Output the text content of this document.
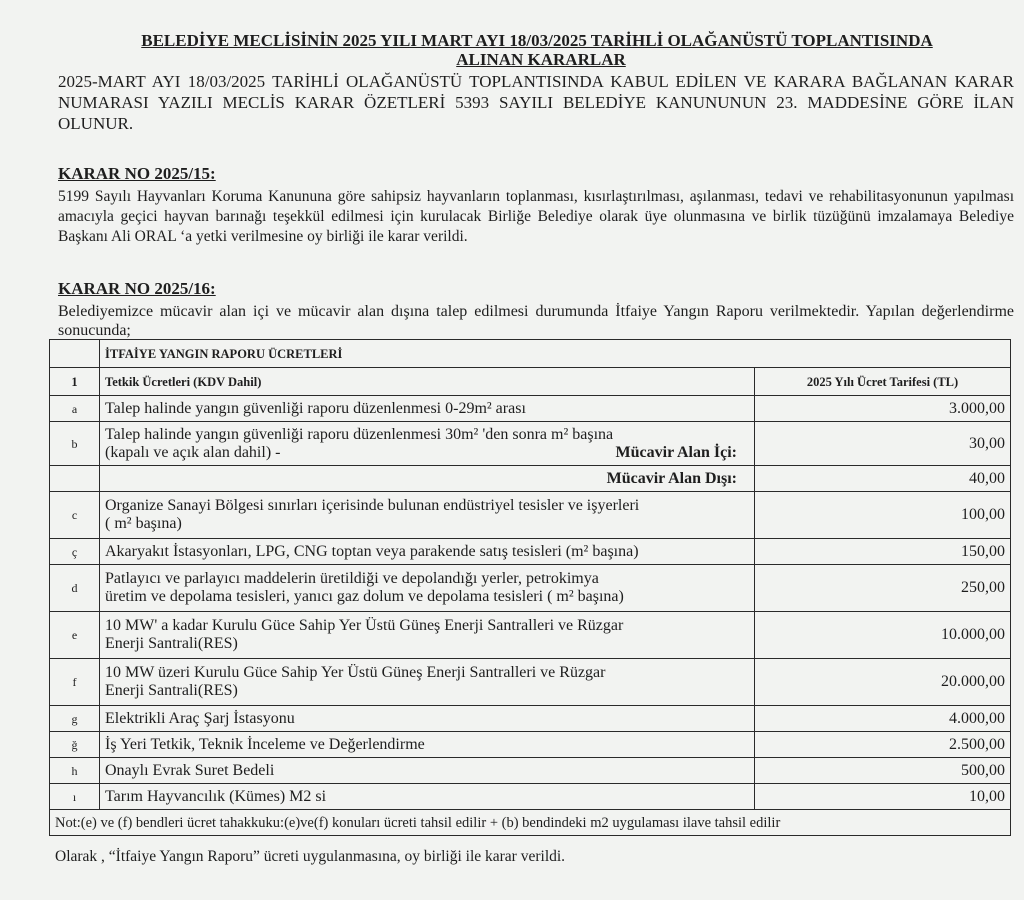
BELEDİYE MECLİSİNİN 2025 YILI MART AYI 18/03/2025 TARİHLİ OLAĞANÜSTÜ TOPLANTISINDA
ALINAN KARARLAR
2025-MART AYI 18/03/2025 TARİHLİ OLAĞANÜSTÜ TOPLANTISINDA KABUL EDİLEN VE KARARA BAĞLANAN KARAR NUMARASI YAZILI MECLİS KARAR ÖZETLERİ 5393 SAYILI BELEDİYE KANUNUNUN 23. MADDESİNE GÖRE İLAN OLUNUR.
KARAR NO 2025/15:
5199 Sayılı Hayvanları Koruma Kanununa göre sahipsiz hayvanların toplanması, kısırlaştırılması, aşılanması, tedavi ve rehabilitasyonunun yapılması amacıyla geçici hayvan barınağı teşekkül edilmesi için kurulacak Birliğe Belediye olarak üye olunmasına ve birlik tüzüğünü imzalamaya Belediye Başkanı Ali ORAL ‘a yetki verilmesine oy birliği ile karar verildi.
KARAR NO 2025/16:
Belediyemizce mücavir alan içi ve mücavir alan dışına talep edilmesi durumunda İtfaiye Yangın Raporu verilmektedir. Yapılan değerlendirme sonucunda;
	İTFAİYE YANGIN RAPORU ÜCRETLERİ	
1	Tetkik Ücretleri (KDV Dahil)	2025 Yılı Ücret Tarifesi (TL)
a	Talep halinde yangın güvenliği raporu düzenlenmesi 0-29m² arası	3.000,00
b	Talep halinde yangın güvenliği raporu düzenlenmesi 30m² 'den sonra m² başına
(kapalı ve açık alan dahil) - Mücavir Alan İçi:	30,00

	Mücavir Alan Dışı:	40,00
c	Organize Sanayi Bölgesi sınırları içerisinde bulunan endüstriyel tesisler ve işyerleri
( m² başına)	100,00
ç	Akaryakıt İstasyonları, LPG, CNG toptan veya parakende satış tesisleri (m² başına)	150,00
d	Patlayıcı ve parlayıcı maddelerin üretildiği ve depolandığı yerler, petrokimya
üretim ve depolama tesisleri, yanıcı gaz dolum ve depolama tesisleri ( m² başına)	250,00
e	10 MW' a kadar Kurulu Güce Sahip Yer Üstü Güneş Enerji Santralleri ve Rüzgar
Enerji Santrali(RES)	10.000,00
f	10 MW üzeri Kurulu Güce Sahip Yer Üstü Güneş Enerji Santralleri ve Rüzgar
Enerji Santrali(RES)	20.000,00
g	Elektrikli Araç Şarj İstasyonu	4.000,00
ğ	İş Yeri Tetkik, Teknik İnceleme ve Değerlendirme	2.500,00
h	Onaylı Evrak Suret Bedeli	500,00
ı	Tarım Hayvancılık (Kümes) M2 si	10,00
Not:(e) ve (f) bendleri ücret tahakkuku:(e)ve(f) konuları ücreti tahsil edilir + (b) bendindeki m2 uygulaması ilave tahsil edilir		
Olarak , “İtfaiye Yangın Raporu” ücreti uygulanmasına, oy birliği ile karar verildi.
